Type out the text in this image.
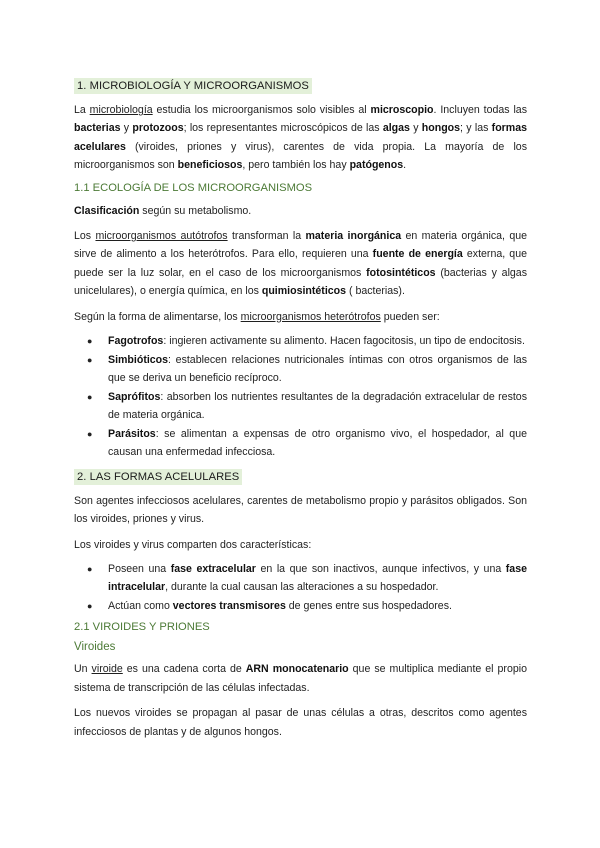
1. MICROBIOLOGÍA Y MICROORGANISMOS

La microbiología estudia los microorganismos solo visibles al microscopio. Incluyen todas las bacterias y protozoos; los representantes microscópicos de las algas y hongos; y las formas acelulares (viroides, priones y virus), carentes de vida propia. La mayoría de los microorganismos son beneficiosos, pero también los hay patógenos.

1.1 ECOLOGÍA DE LOS MICROORGANISMOS

Clasificación según su metabolismo.

Los microorganismos autótrofos transforman la materia inorgánica en materia orgánica, que sirve de alimento a los heterótrofos. Para ello, requieren una fuente de energía externa, que puede ser la luz solar, en el caso de los microorganismos fotosintéticos (bacterias y algas unicelulares), o energía química, en los quimiosintéticos ( bacterias).

Según la forma de alimentarse, los microorganismos heterótrofos pueden ser:

● Fagotrofos: ingieren activamente su alimento. Hacen fagocitosis, un tipo de endocitosis.
● Simbióticos: establecen relaciones nutricionales íntimas con otros organismos de las que se deriva un beneficio recíproco.
● Saprófitos: absorben los nutrientes resultantes de la degradación extracelular de restos de materia orgánica.
● Parásitos: se alimentan a expensas de otro organismo vivo, el hospedador, al que causan una enfermedad infecciosa.
2. LAS FORMAS ACELULARES

Son agentes infecciosos acelulares, carentes de metabolismo propio y parásitos obligados. Son los viroides, priones y virus.

Los viroides y virus comparten dos características:

● Poseen una fase extracelular en la que son inactivos, aunque infectivos, y una fase intracelular, durante la cual causan las alteraciones a su hospedador.
● Actúan como vectores transmisores de genes entre sus hospedadores.
2.1 VIROIDES Y PRIONES
Viroides

Un viroide es una cadena corta de ARN monocatenario que se multiplica mediante el propio sistema de transcripción de las células infectadas.

Los nuevos viroides se propagan al pasar de unas células a otras, descritos como agentes infecciosos de plantas y de algunos hongos.
